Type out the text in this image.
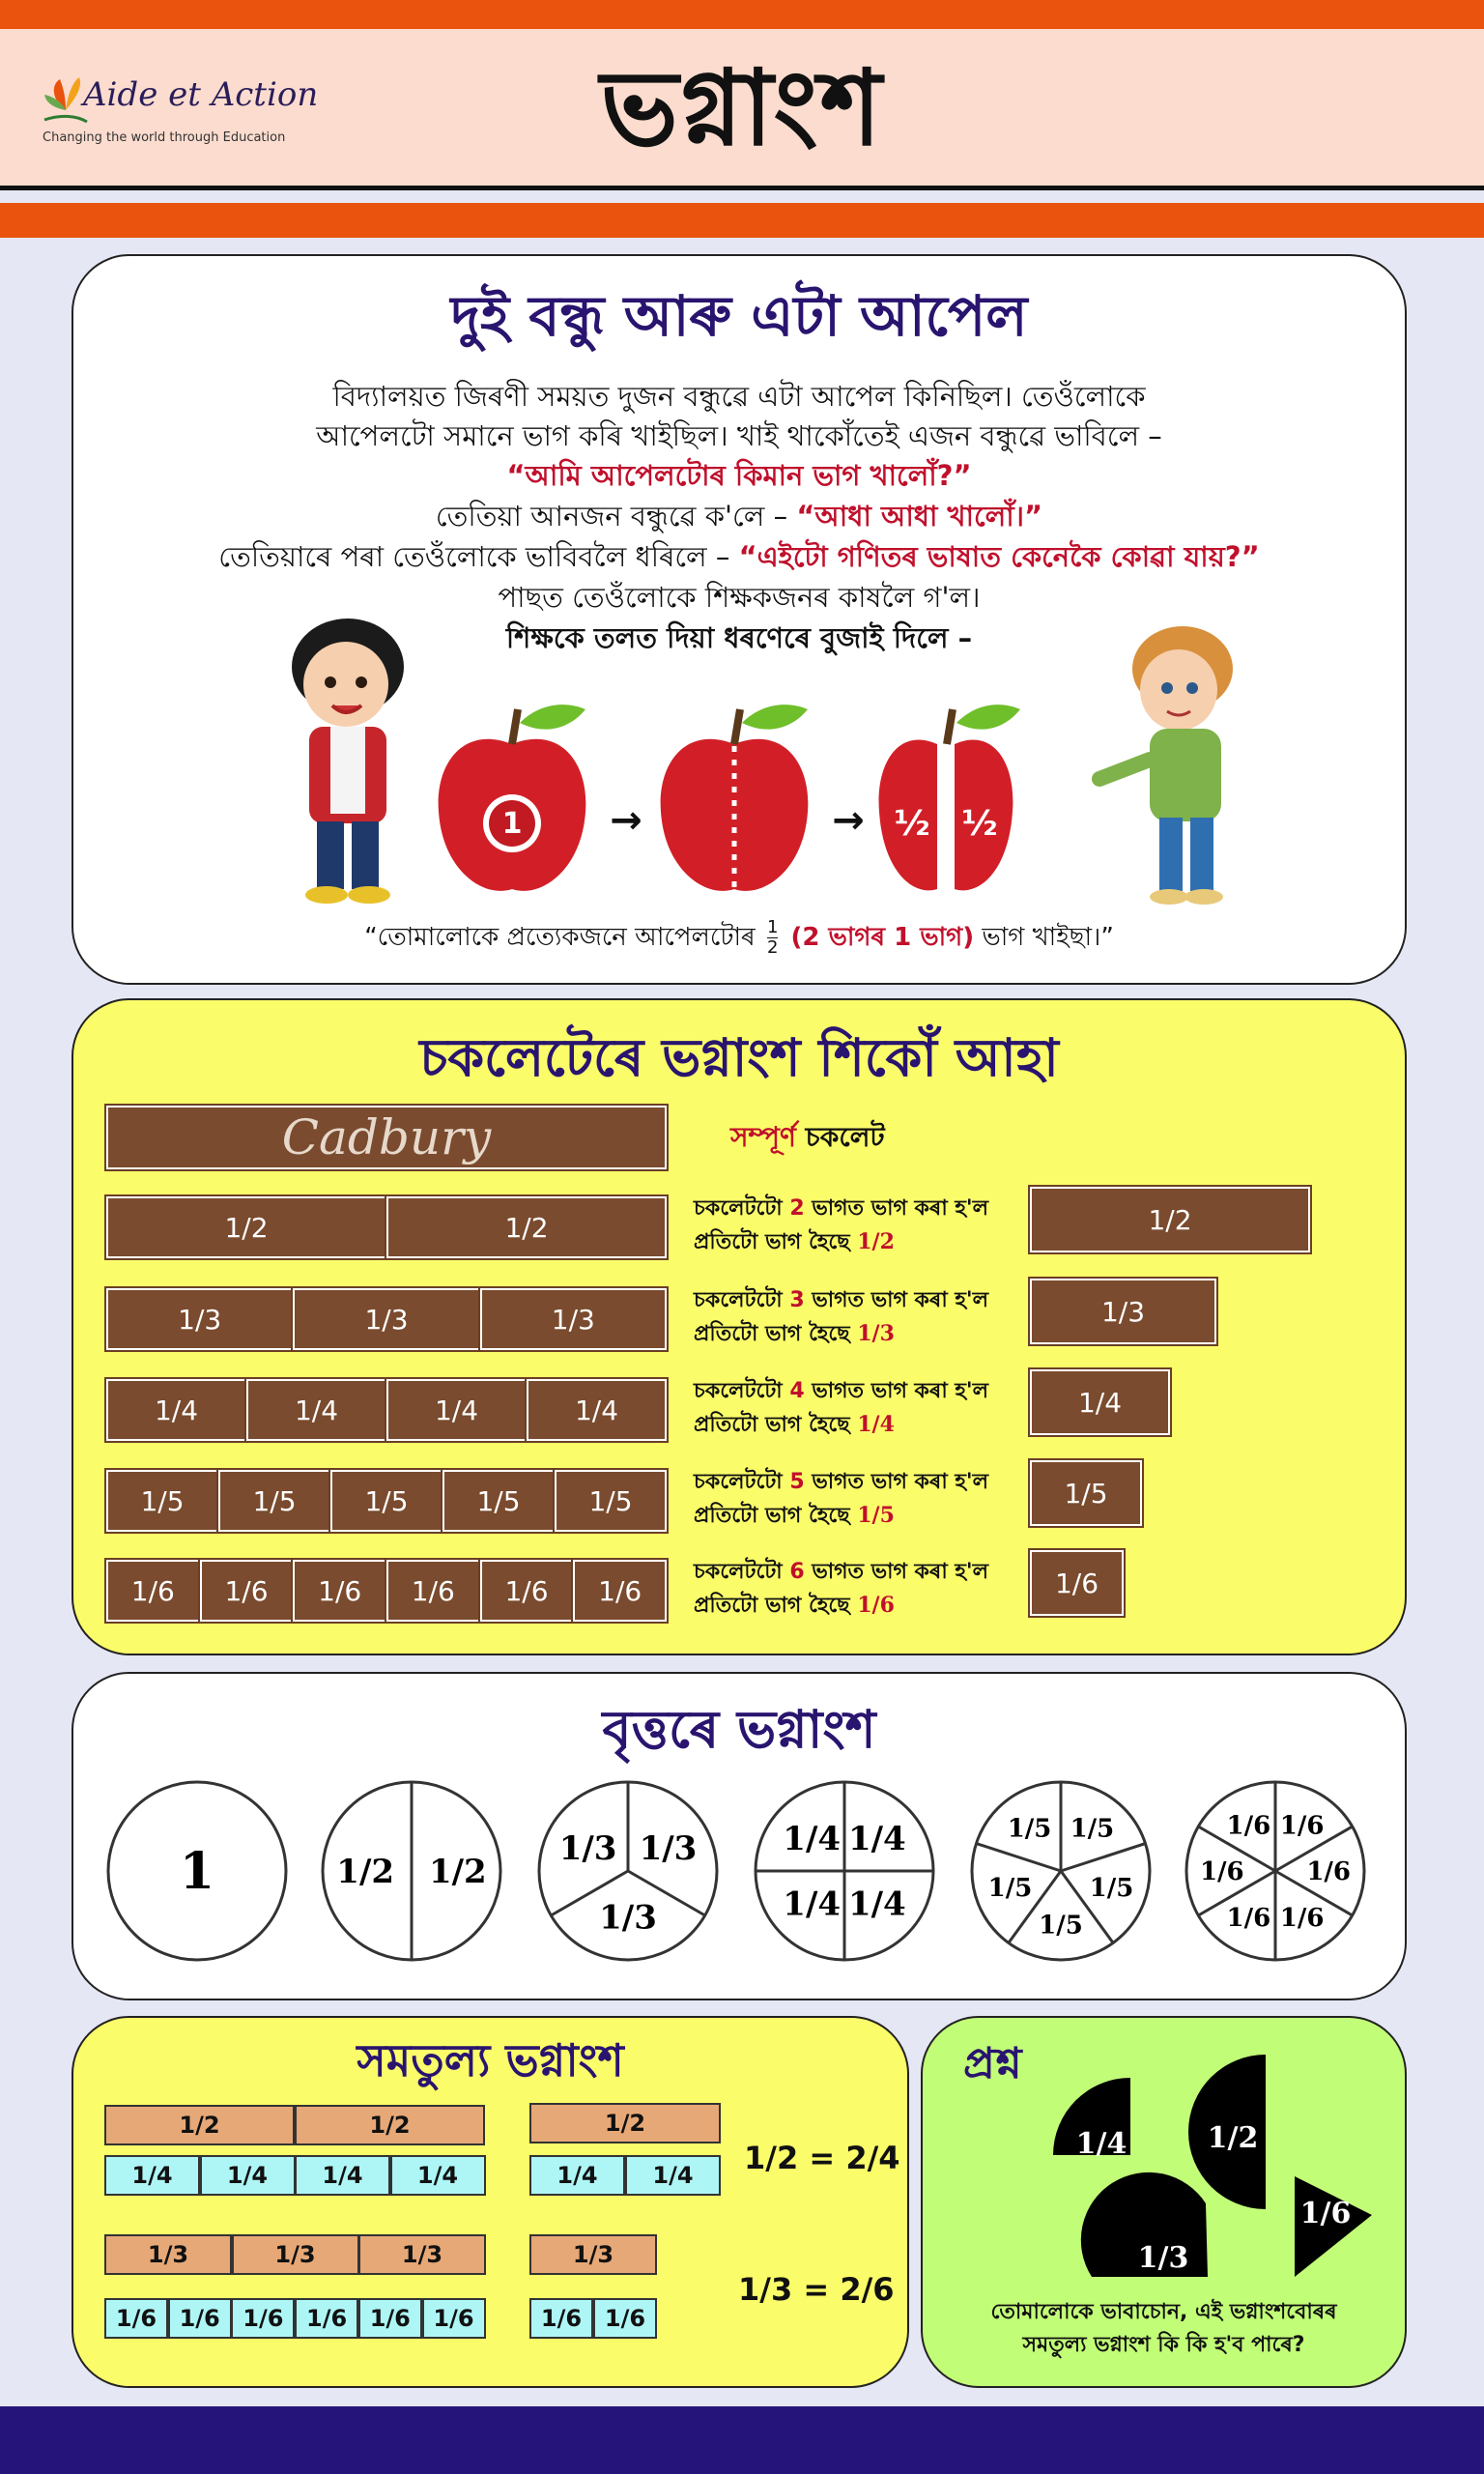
Aide et Action
Changing the world through Education	ভগ্নাংশ
দুই বন্ধু আৰু এটা আপেল
বিদ্যালয়ত জিৰণী সময়ত দুজন বন্ধুৱে এটা আপেল কিনিছিল। তেওঁলোকে
আপেলটো সমানে ভাগ কৰি খাইছিল। খাই থাকোঁতেই এজন বন্ধুৱে ভাবিলে –
“আমি আপেলটোৰ কিমান ভাগ খালোঁ?”
তেতিয়া আনজন বন্ধুৱে ক'লে – “আধা আধা খালোঁ।”
তেতিয়াৰে পৰা তেওঁলোকে ভাবিবলৈ ধৰিলে – “এইটো গণিতৰ ভাষাত কেনেকৈ কোৱা যায়?”
পাছত তেওঁলোকে শিক্ষকজনৰ কাষলৈ গ'ল।
শিক্ষকে তলত দিয়া ধৰণেৰে বুজাই দিলে –
1 →	→ ½ ½
“তোমালোকে প্ৰত্যেকজনে আপেলটোৰ $\frac{1}{2} (2$ ভাগৰ 1 ভাগ) ভাগ খাইছা।”
চকলেটেৰে ভগ্নাংশ শিকোঁ আহা
Cadbury	সম্পূৰ্ণ চকলেট
1/2	1/2
চকলেটটো 2 ভাগত ভাগ কৰা হ'ল
প্ৰতিটো ভাগ হৈছে 1/2
1/2
1/3	1/3	1/3
চকলেটটো 3 ভাগত ভাগ কৰা হ'ল
প্ৰতিটো ভাগ হৈছে 1/3
1/3
1/4	1/4	1/4	1/4
চকলেটটো 4 ভাগত ভাগ কৰা হ'ল
প্ৰতিটো ভাগ হৈছে 1/4
1/4
1/5	1/5	1/5	1/5	1/5
চকলেটটো 5 ভাগত ভাগ কৰা হ'ল
প্ৰতিটো ভাগ হৈছে 1/5
1/5
1/6	1/6	1/6	1/6	1/6	1/6
চকলেটটো 6 ভাগত ভাগ কৰা হ'ল
প্ৰতিটো ভাগ হৈছে 1/6
1/6
বৃত্তৰে ভগ্নাংশ
1	1/2
1/2
1/3
1/3
1/3	1/4
1/4
1/4
1/4	1/5
1/5
1/5
1/5
1/5	1/6
1/6
1/6
1/6
1/6
1/6
সমতুল্য ভগ্নাংশ
1/2	1/2
1/4	1/4	1/4	1/4
1/2
1/4	1/4
1/3	1/3	1/3
1/6 1/6 1/6 1/6 1/6 1/6
1/3
1/6 1/6
1/2 = 2/4
1/3 = 2/6
প্ৰশ্ন
1/4	1/2
1/3
1/6
তোমালোকে ভাবাচোন, এই ভগ্নাংশবোৰৰ
সমতুল্য ভগ্নাংশ কি কি হ'ব পাৰে?
